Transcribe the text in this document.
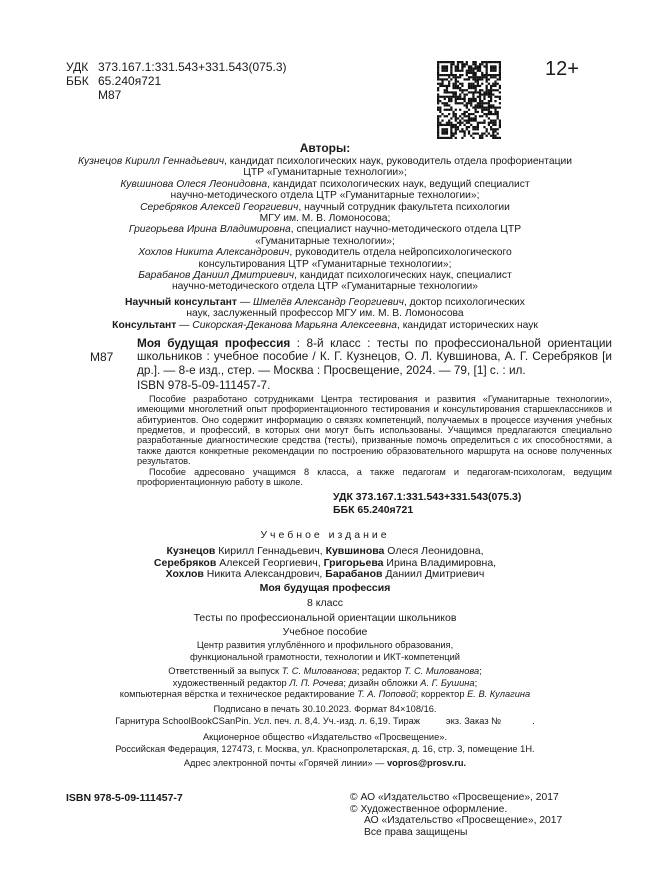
УДК 373.167.1:331.543+331.543(075.3)
ББК 65.240я721
М87
12+
Авторы:
Кузнецов Кирилл Геннадьевич, кандидат психологических наук, руководитель отдела профориентации
ЦТР «Гуманитарные технологии»;
Кувшинова Олеся Леонидовна, кандидат психологических наук, ведущий специалист
научно-методического отдела ЦТР «Гуманитарные технологии»;
Серебряков Алексей Георгиевич, научный сотрудник факультета психологии
МГУ им. М. В. Ломоносова;
Григорьева Ирина Владимировна, специалист научно-методического отдела ЦТР
«Гуманитарные технологии»;
Хохлов Никита Александрович, руководитель отдела нейропсихологического
консультирования ЦТР «Гуманитарные технологии»;
Барабанов Даниил Дмитриевич, кандидат психологических наук, специалист
научно-методического отдела ЦТР «Гуманитарные технологии»
Научный консультант — Шмелёв Александр Георгиевич, доктор психологических
наук, заслуженный профессор МГУ им. М. В. Ломоносова
Консультант — Сикорская-Деканова Марьяна Алексеевна, кандидат исторических наук
М87

Моя будущая профессия : 8-й класс : тесты по профессиональной ориентации школьников : учебное пособие / К. Г. Кузнецов, О. Л. Кувшинова, А. Г. Серебряков [и др.]. — 8-е изд., стер. — Москва : Просвещение, 2024. — 79, [1] с. : ил.

ISBN 978-5-09-111457-7.

Пособие разработано сотрудниками Центра тестирования и развития «Гуманитарные технологии», имеющими многолетний опыт профориентационного тестирования и консультирования старшеклассников и абитуриентов. Оно содержит информацию о связях компетенций, получаемых в процессе изучения учебных предметов, и профессий, в которых они могут быть использованы. Учащимся предлагаются специально разработанные диагностические средства (тесты), призванные помочь определиться с их способностями, а также даются конкретные рекомендации по построению образовательного маршрута на основе полученных результатов.

Пособие адресовано учащимся 8 класса, а также педагогам и педагогам-психологам, ведущим профориентационную работу в школе.

УДК 373.167.1:331.543+331.543(075.3)
ББК 65.240я721
Учебное издание
Кузнецов Кирилл Геннадьевич, Кувшинова Олеся Леонидовна,
Серебряков Алексей Георгиевич, Григорьева Ирина Владимировна,
Хохлов Никита Александрович, Барабанов Даниил Дмитриевич
Моя будущая профессия
8 класс
Тесты по профессиональной ориентации школьников
Учебное пособие
Центр развития углублённого и профильного образования,
функциональной грамотности, технологии и ИКТ-компетенций
Ответственный за выпуск Т. С. Милованова; редактор Т. С. Милованова;
художественный редактор Л. П. Рочева; дизайн обложки А. Г. Бушина;
компьютерная вёрстка и техническое редактирование Т. А. Поповой; корректор Е. В. Кулагина
Подписано в печать 30.10.2023. Формат 84×108/16.
Гарнитура SchoolBookCSanPin. Усл. печ. л. 8,4. Уч.-изд. л. 6,19. Тираж          экз. Заказ №            .
Акционерное общество «Издательство «Просвещение».
Российская Федерация, 127473, г. Москва, ул. Краснопролетарская, д. 16, стр. 3, помещение 1Н.
Адрес электронной почты «Горячей линии» — vopros@prosv.ru.
ISBN 978-5-09-111457-7	© АО «Издательство «Просвещение», 2017
© Художественное оформление.
АО «Издательство «Просвещение», 2017
Все права защищены
